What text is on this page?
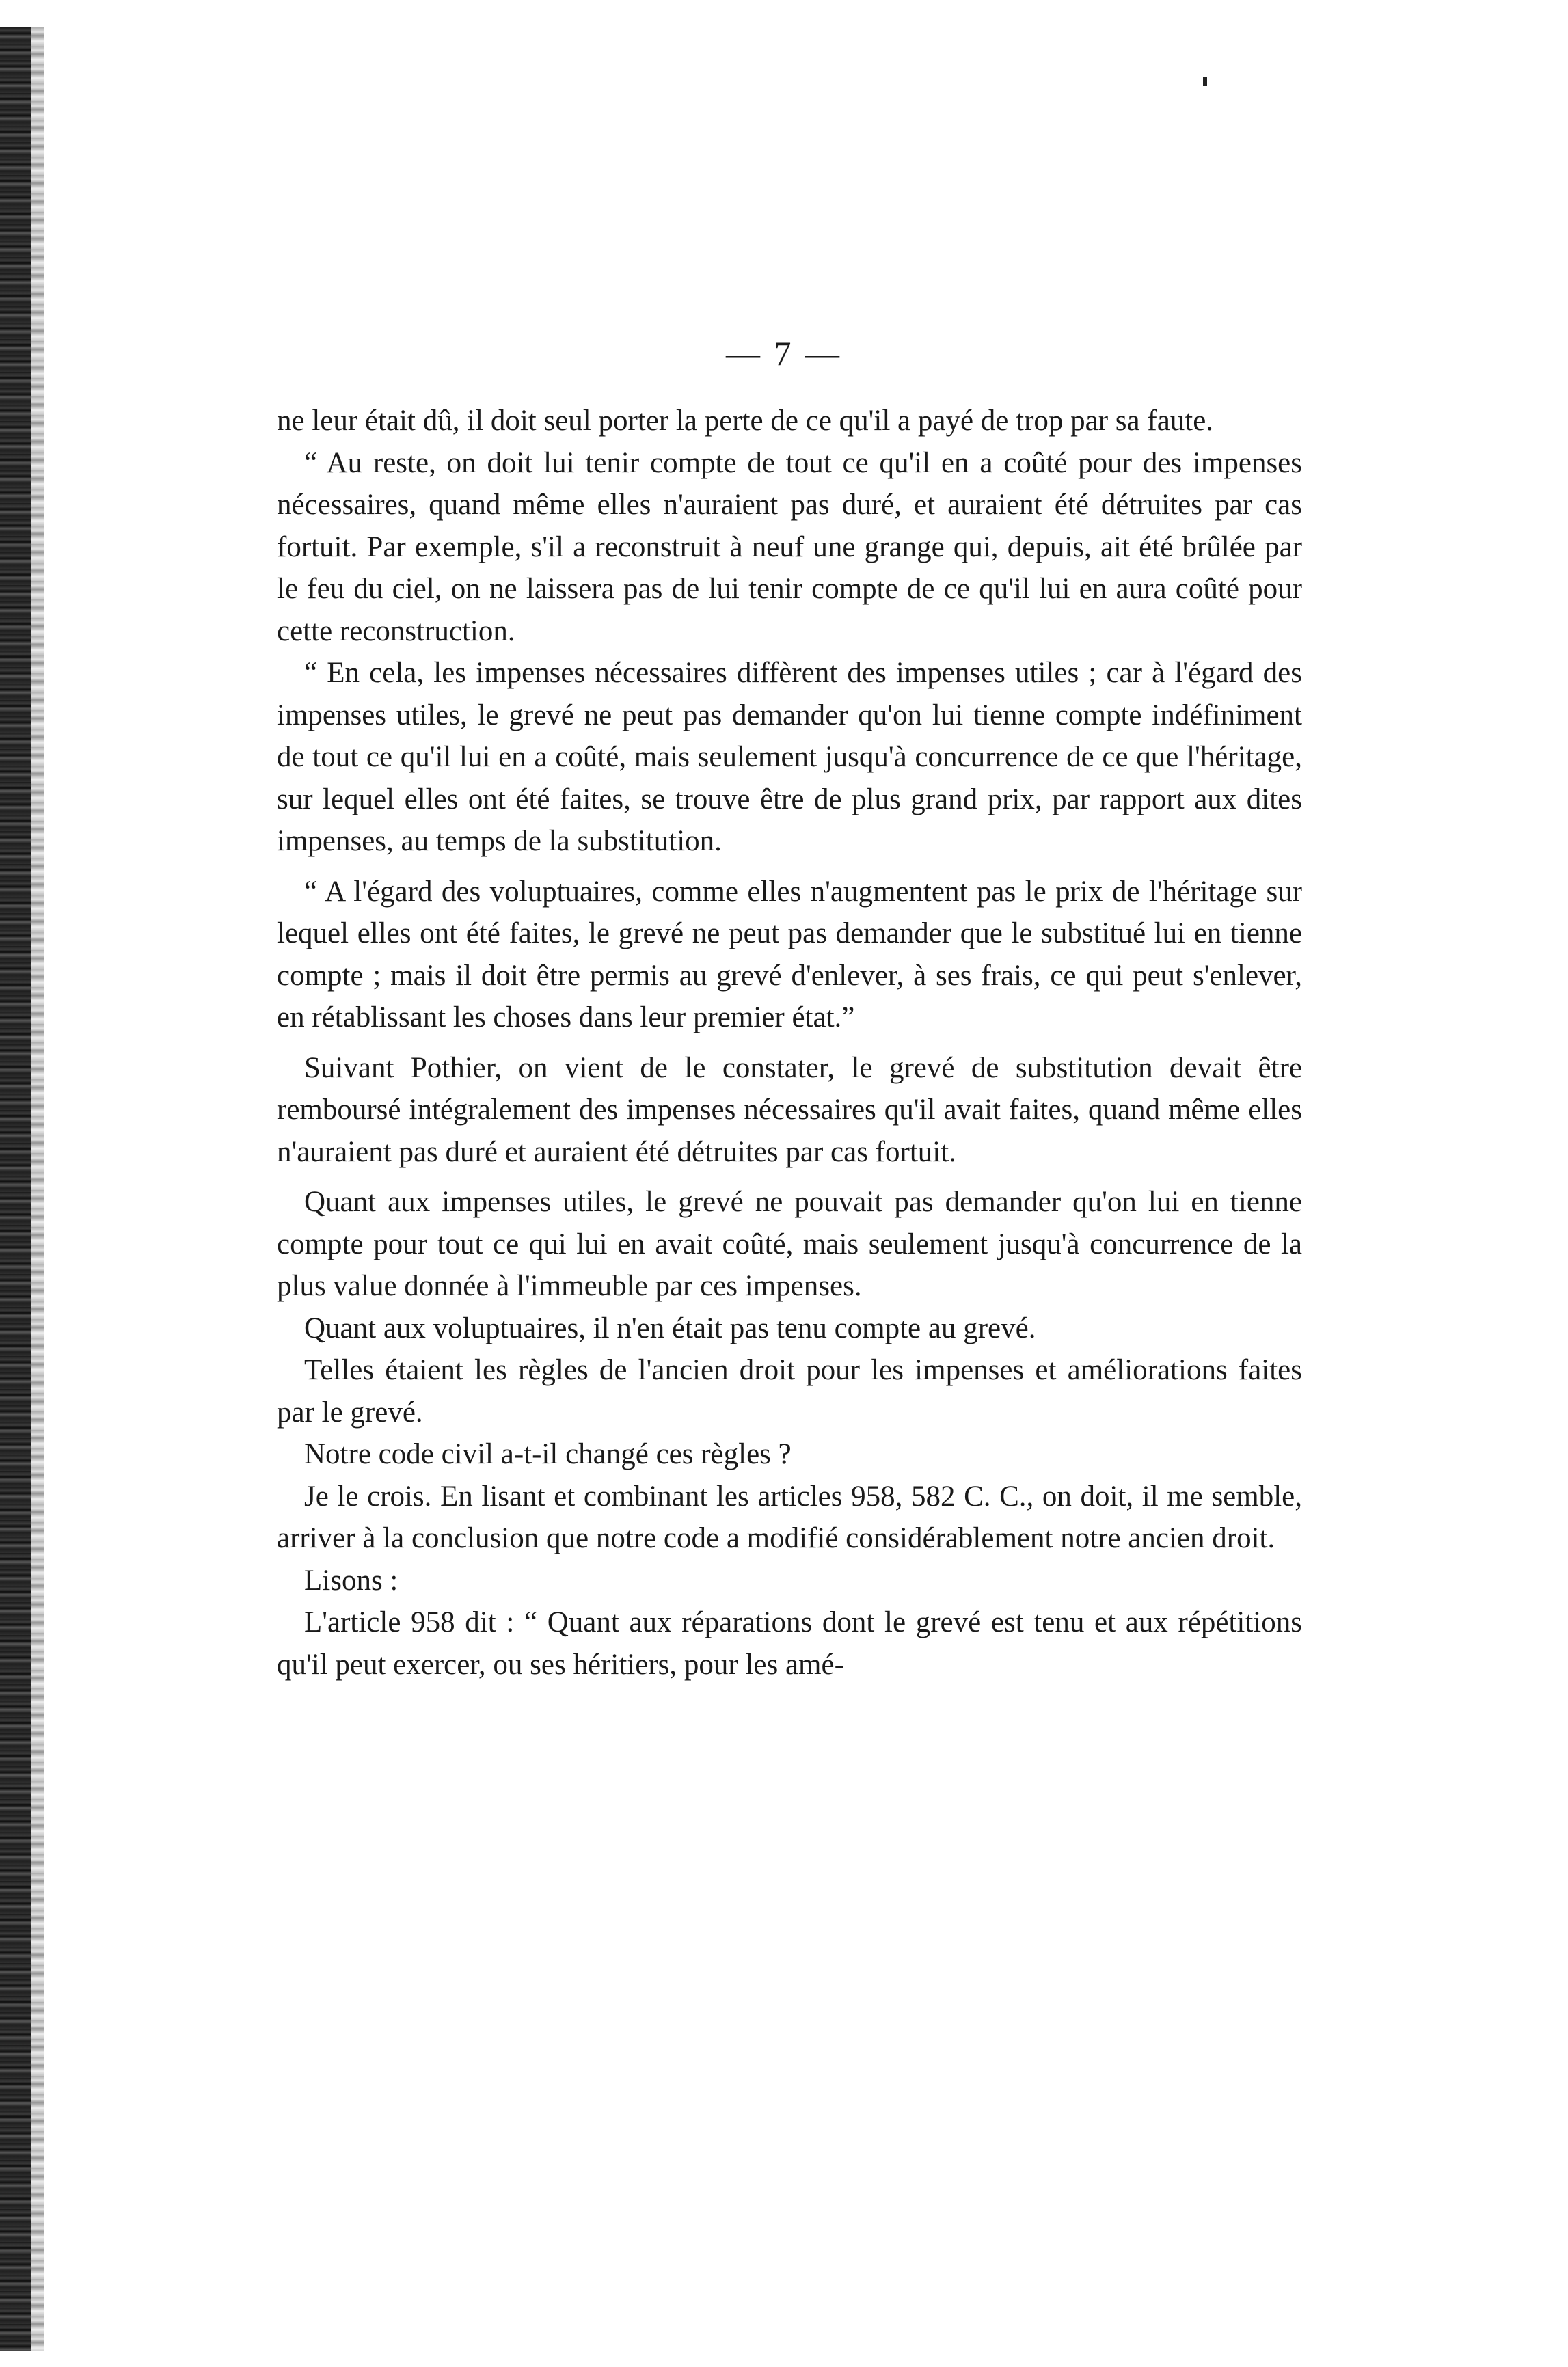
— 7 —

ne leur était dû, il doit seul porter la perte de ce qu'il a payé de trop par sa faute.

“ Au reste, on doit lui tenir compte de tout ce qu'il en a coûté pour des impenses nécessaires, quand même elles n'auraient pas duré, et auraient été détruites par cas fortuit. Par exemple, s'il a reconstruit à neuf une grange qui, depuis, ait été brûlée par le feu du ciel, on ne laissera pas de lui tenir compte de ce qu'il lui en aura coûté pour cette reconstruction.

“ En cela, les impenses nécessaires diffèrent des impenses utiles ; car à l'égard des impenses utiles, le grevé ne peut pas demander qu'on lui tienne compte indéfiniment de tout ce qu'il lui en a coûté, mais seulement jusqu'à concurrence de ce que l'héritage, sur lequel elles ont été faites, se trouve être de plus grand prix, par rapport aux dites impenses, au temps de la substitution.

“ A l'égard des voluptuaires, comme elles n'augmentent pas le prix de l'héritage sur lequel elles ont été faites, le grevé ne peut pas demander que le substitué lui en tienne compte ; mais il doit être permis au grevé d'enlever, à ses frais, ce qui peut s'enlever, en rétablissant les choses dans leur premier état.”

Suivant Pothier, on vient de le constater, le grevé de substitution devait être remboursé intégralement des impenses nécessaires qu'il avait faites, quand même elles n'auraient pas duré et auraient été détruites par cas fortuit.

Quant aux impenses utiles, le grevé ne pouvait pas demander qu'on lui en tienne compte pour tout ce qui lui en avait coûté, mais seulement jusqu'à concurrence de la plus value donnée à l'immeuble par ces impenses.

Quant aux voluptuaires, il n'en était pas tenu compte au grevé.

Telles étaient les règles de l'ancien droit pour les impenses et améliorations faites par le grevé.

Notre code civil a-t-il changé ces règles ?

Je le crois. En lisant et combinant les articles 958, 582 C. C., on doit, il me semble, arriver à la conclusion que notre code a modifié considérablement notre ancien droit.

Lisons :

L'article 958 dit : “ Quant aux réparations dont le grevé est tenu et aux répétitions qu'il peut exercer, ou ses héritiers, pour les amé-
